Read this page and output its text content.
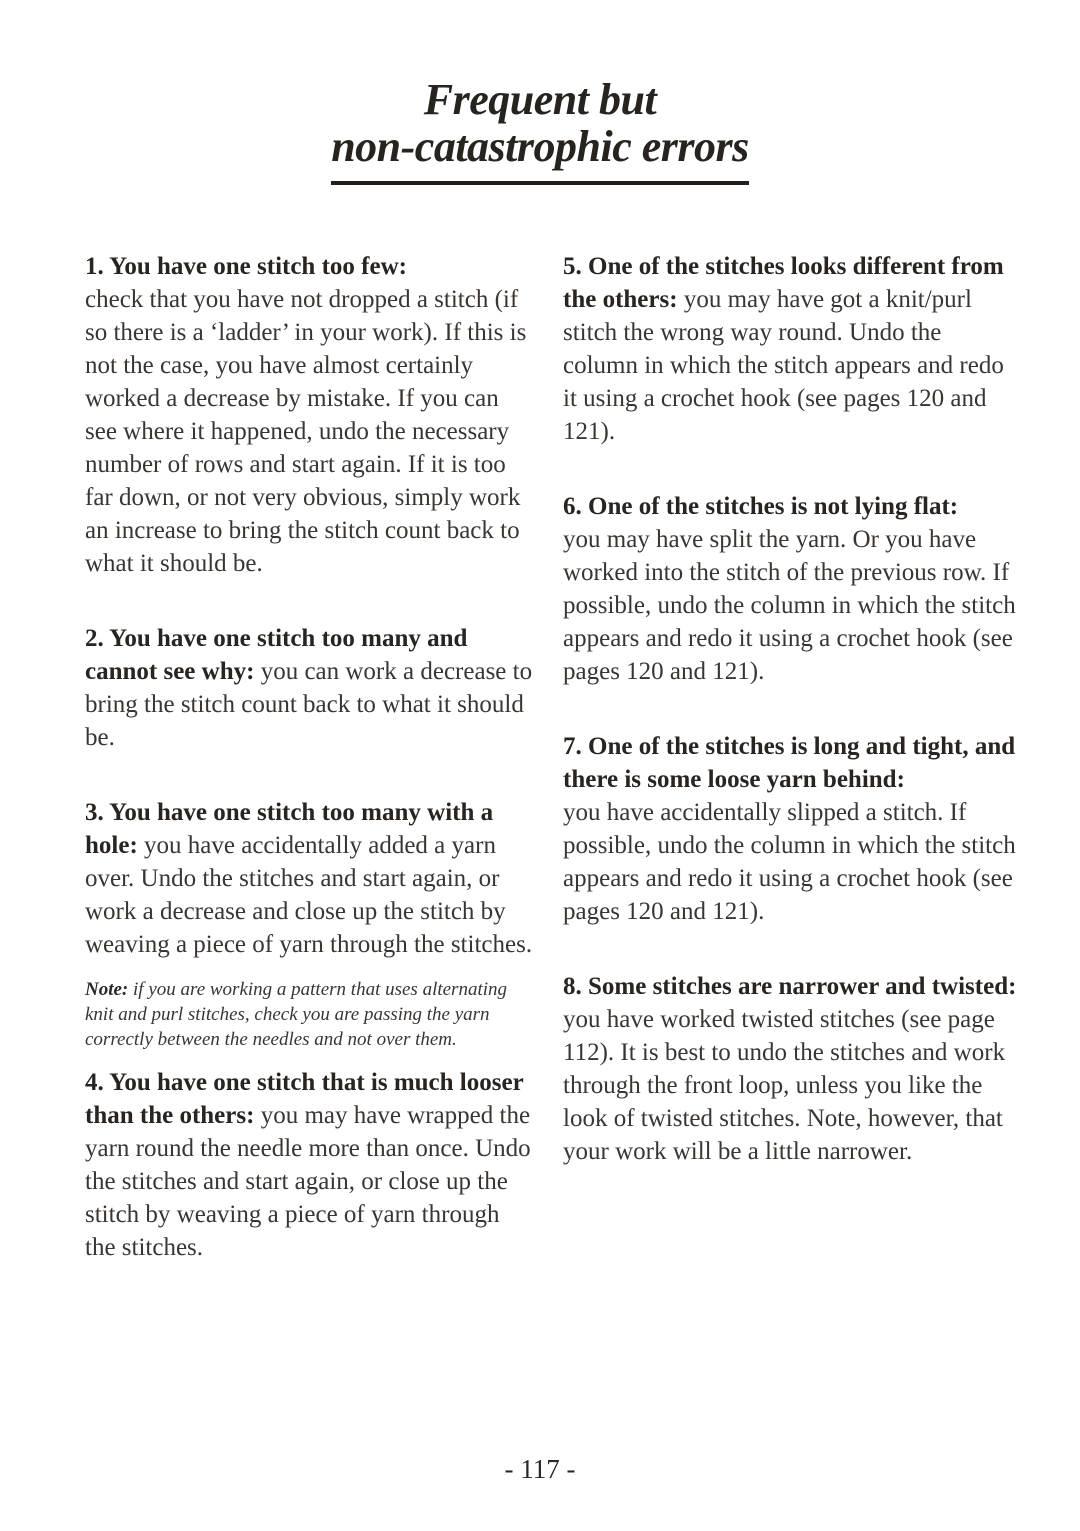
Frequent but
non-catastrophic errors

1. You have one stitch too few:
check that you have not dropped a stitch (if so there is a ‘ladder’ in your work). If this is not the case, you have almost certainly worked a decrease by mistake. If you can see where it happened, undo the necessary number of rows and start again. If it is too far down, or not very obvious, simply work an increase to bring the stitch count back to what it should be.

2. You have one stitch too many and cannot see why: you can work a decrease to bring the stitch count back to what it should be.

3. You have one stitch too many with a hole: you have accidentally added a yarn over. Undo the stitches and start again, or work a decrease and close up the stitch by weaving a piece of yarn through the stitches.

Note: if you are working a pattern that uses alternating knit and purl stitches, check you are passing the yarn correctly between the needles and not over them.

4. You have one stitch that is much looser than the others: you may have wrapped the yarn round the needle more than once. Undo the stitches and start again, or close up the stitch by weaving a piece of yarn through the stitches.

5. One of the stitches looks different from the others: you may have got a knit/purl stitch the wrong way round. Undo the column in which the stitch appears and redo it using a crochet hook (see pages 120 and 121).

6. One of the stitches is not lying flat:
you may have split the yarn. Or you have worked into the stitch of the previous row. If possible, undo the column in which the stitch appears and redo it using a crochet hook (see pages 120 and 121).

7. One of the stitches is long and tight, and there is some loose yarn behind:
you have accidentally slipped a stitch. If possible, undo the column in which the stitch appears and redo it using a crochet hook (see pages 120 and 121).

8. Some stitches are narrower and twisted: you have worked twisted stitches (see page 112). It is best to undo the stitches and work through the front loop, unless you like the look of twisted stitches. Note, however, that your work will be a little narrower.

- 117 -
